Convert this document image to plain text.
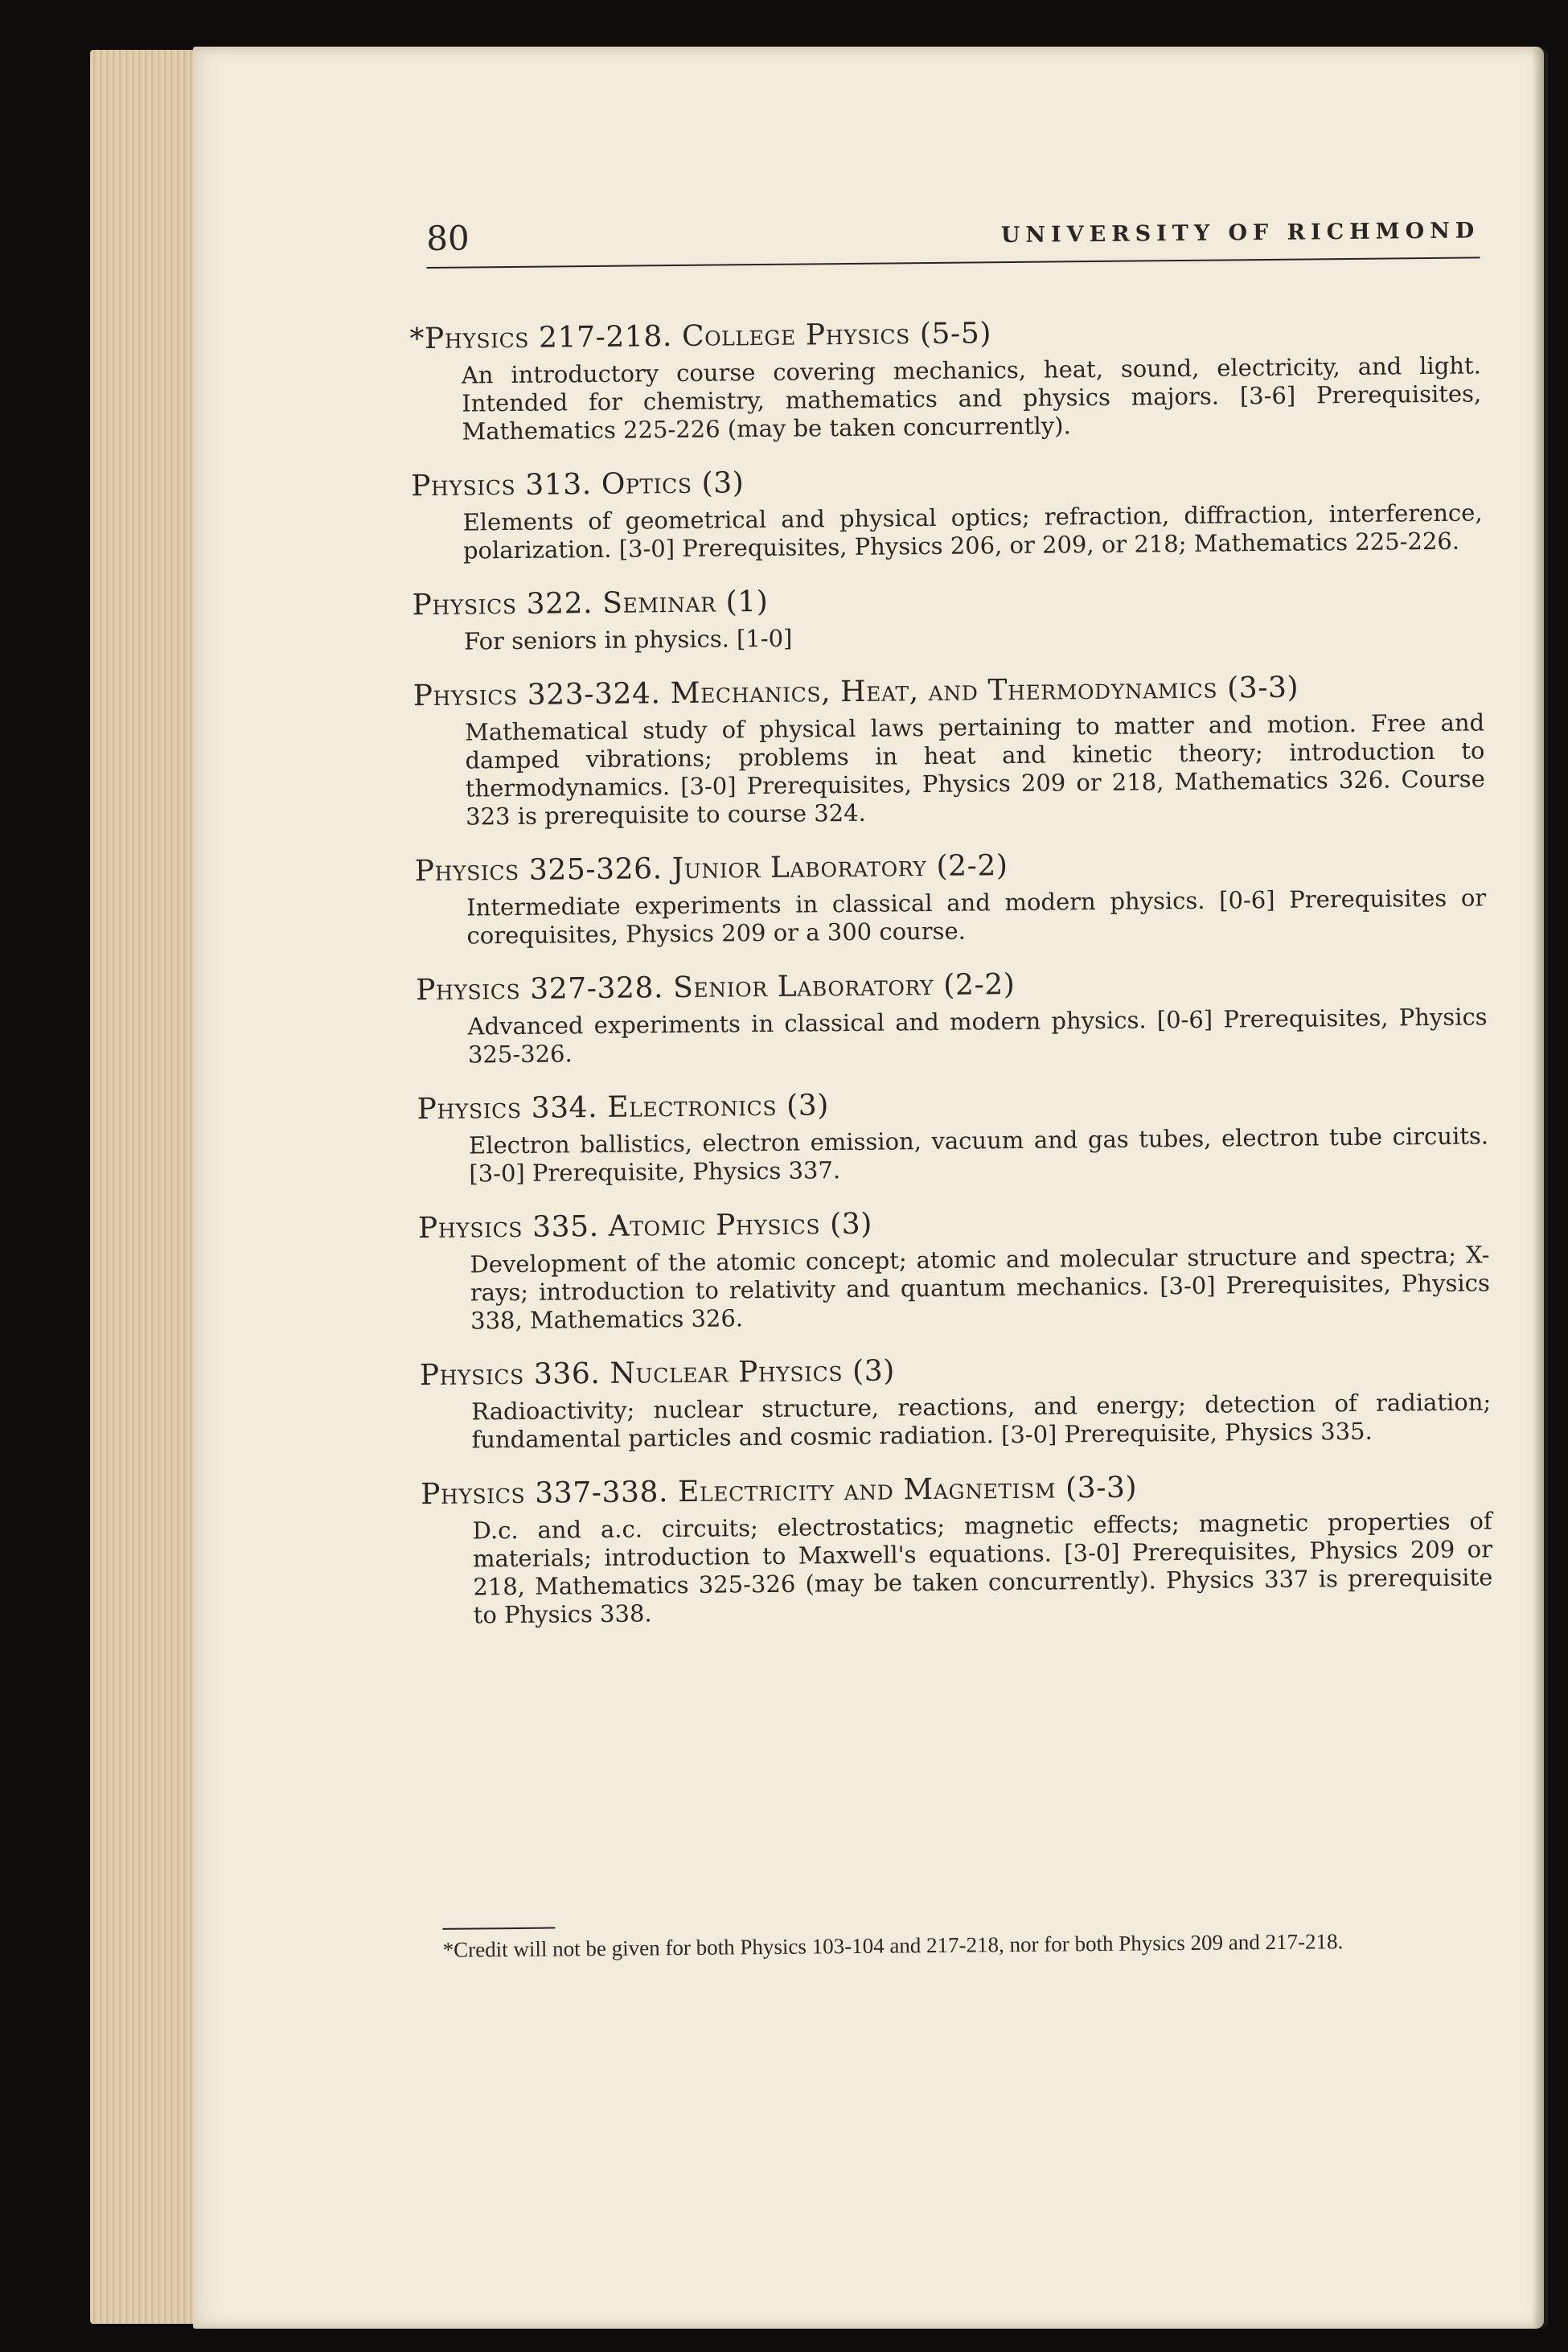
80	UNIVERSITY OF RICHMOND
*Physics 217-218. College Physics (5-5)

An introductory course covering mechanics, heat, sound, electricity, and light. Intended for chemistry, mathematics and physics majors. [3-6] Prerequisites, Mathematics 225-226 (may be taken concurrently).

Physics 313. Optics (3)

Elements of geometrical and physical optics; refraction, diffraction, interference, polarization. [3-0] Prerequisites, Physics 206, or 209, or 218; Mathematics 225-226.

Physics 322. Seminar (1)

For seniors in physics. [1-0]

Physics 323-324. Mechanics, Heat, and Thermodynamics (3-3)

Mathematical study of physical laws pertaining to matter and motion. Free and damped vibrations; problems in heat and kinetic theory; introduction to thermodynamics. [3-0] Prerequisites, Physics 209 or 218, Mathematics 326. Course 323 is prerequisite to course 324.

Physics 325-326. Junior Laboratory (2-2)

Intermediate experiments in classical and modern physics. [0-6] Prerequisites or corequisites, Physics 209 or a 300 course.

Physics 327-328. Senior Laboratory (2-2)

Advanced experiments in classical and modern physics. [0-6] Prerequisites, Physics 325-326.

Physics 334. Electronics (3)

Electron ballistics, electron emission, vacuum and gas tubes, electron tube circuits. [3-0] Prerequisite, Physics 337.

Physics 335. Atomic Physics (3)

Development of the atomic concept; atomic and molecular structure and spectra; X-rays; introduction to relativity and quantum mechanics. [3-0] Prerequisites, Physics 338, Mathematics 326.

Physics 336. Nuclear Physics (3)

Radioactivity; nuclear structure, reactions, and energy; detection of radiation; fundamental particles and cosmic radiation. [3-0] Prerequisite, Physics 335.

Physics 337-338. Electricity and Magnetism (3-3)

D.c. and a.c. circuits; electrostatics; magnetic effects; magnetic properties of materials; introduction to Maxwell's equations. [3-0] Prerequisites, Physics 209 or 218, Mathematics 325-326 (may be taken concurrently). Physics 337 is prerequisite to Physics 338.

*Credit will not be given for both Physics 103-104 and 217-218, nor for both Physics 209 and 217-218.
